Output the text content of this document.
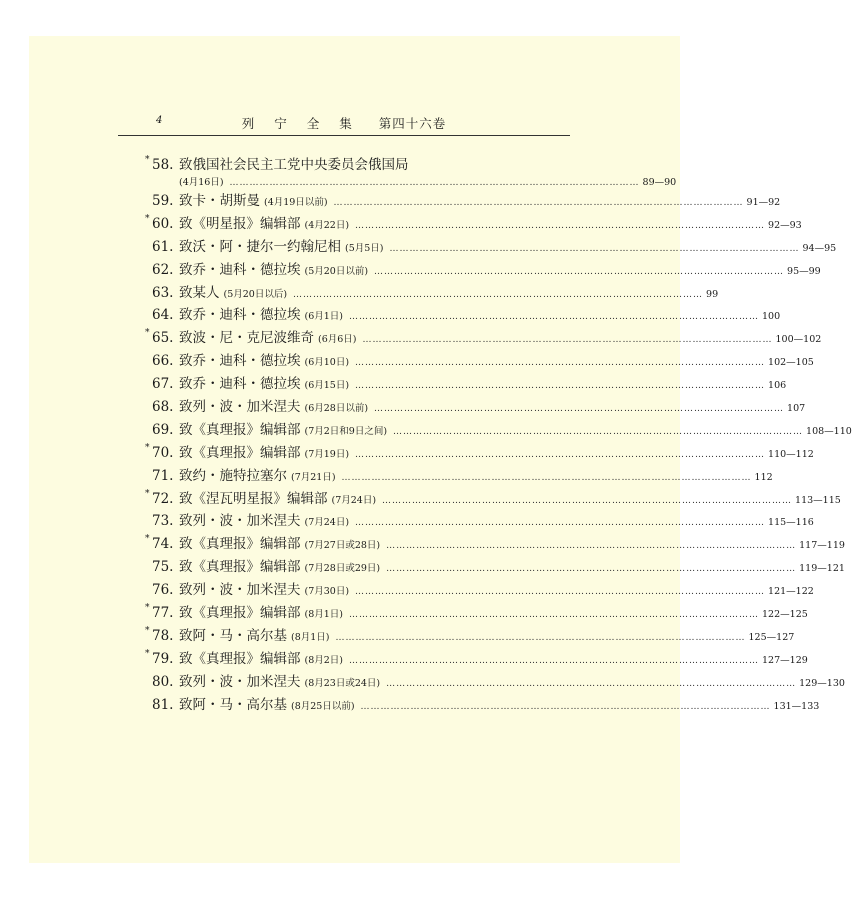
4	列 宁 全 集 第四十六卷
* 58. 致俄国社会民主工党中央委员会俄国局
(4月16日) …………………………………………………………………………………………………………… 89—90
59. 致卡・胡斯曼 (4月19日以前) …………………………………………………………………………………………………………… 91—92
* 60. 致《明星报》编辑部 (4月22日) …………………………………………………………………………………………………………… 92—93
61. 致沃・阿・捷尔一约翰尼相 (5月5日) …………………………………………………………………………………………………………… 94—95
62. 致乔・迪科・德拉埃 (5月20日以前) …………………………………………………………………………………………………………… 95—99
63. 致某人 (5月20日以后) …………………………………………………………………………………………………………… 99
64. 致乔・迪科・德拉埃 (6月1日) …………………………………………………………………………………………………………… 100
* 65. 致波・尼・克尼波维奇 (6月6日) …………………………………………………………………………………………………………… 100—102
66. 致乔・迪科・德拉埃 (6月10日) …………………………………………………………………………………………………………… 102—105
67. 致乔・迪科・德拉埃 (6月15日) …………………………………………………………………………………………………………… 106
68. 致列・波・加米涅夫 (6月28日以前) …………………………………………………………………………………………………………… 107
69. 致《真理报》编辑部 (7月2日和9日之间) …………………………………………………………………………………………………………… 108—110
* 70. 致《真理报》编辑部 (7月19日) …………………………………………………………………………………………………………… 110—112
71. 致约・施特拉塞尔 (7月21日) …………………………………………………………………………………………………………… 112
* 72. 致《涅瓦明星报》编辑部 (7月24日) …………………………………………………………………………………………………………… 113—115
73. 致列・波・加米涅夫 (7月24日) …………………………………………………………………………………………………………… 115—116
* 74. 致《真理报》编辑部 (7月27日或28日) …………………………………………………………………………………………………………… 117—119
75. 致《真理报》编辑部 (7月28日或29日) …………………………………………………………………………………………………………… 119—121
76. 致列・波・加米涅夫 (7月30日) …………………………………………………………………………………………………………… 121—122
* 77. 致《真理报》编辑部 (8月1日) …………………………………………………………………………………………………………… 122—125
* 78. 致阿・马・高尔基 (8月1日) …………………………………………………………………………………………………………… 125—127
* 79. 致《真理报》编辑部 (8月2日) …………………………………………………………………………………………………………… 127—129
80. 致列・波・加米涅夫 (8月23日或24日) …………………………………………………………………………………………………………… 129—130
81. 致阿・马・高尔基 (8月25日以前) …………………………………………………………………………………………………………… 131—133
